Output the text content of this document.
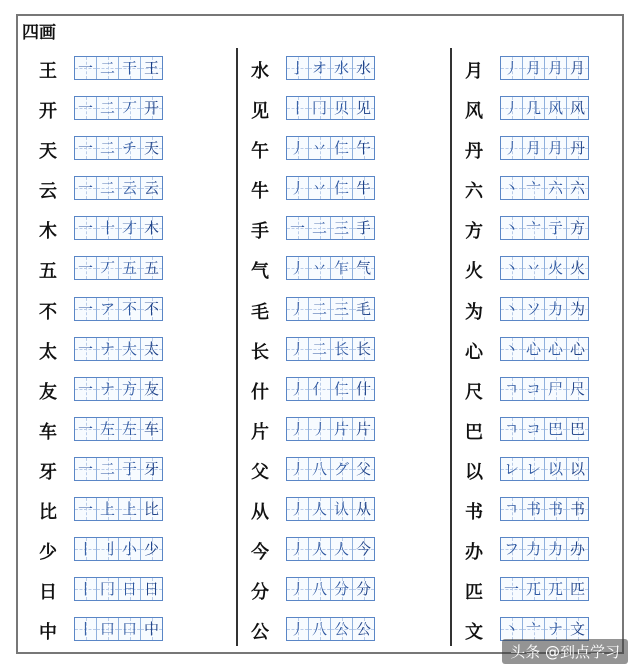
四画
王 一 二 干 王
开 一 二 丆 开
天 一 二 チ 天
云 一 二 云 云
木 一 十 才 木
五 一 丆 五 五
不 一 ア 不 不
太 一 ナ 大 太
友 一 ナ 方 友
车 一 左 左 车
牙 一 二 于 牙
比 一 上 上 比
少 丨 刂 小 少
日 丨 冂 日 日
中 丨 口 口 中
水 亅 オ 水 水
见 丨 冂 贝 见
午 丿 丷 仁 午
牛 丿 丷 仁 牛
手 一 二 三 手
气 丿 丷 乍 气
毛 丿 二 三 毛
长 丿 二 长 长
什 丿 亻 仁 什
片 丿 丿 片 片
父 丿 八 グ 父
从 丿 人 认 从
今 丿 人 人 今
分 丿 八 分 分
公 丿 八 公 公
月 丿 月 月 月
风 丿 几 风 风
丹 丿 月 月 丹
六 丶 亠 六 六
方 丶 亠 亍 方
火 丶 丷 火 火
为 丶 ソ 力 为
心 丶 心 心 心
尺 ㄱ コ 尸 尺
巴 ㄱ コ 巴 巴
以 レ レ 以 以
书 ㄱ 书 书 书
办 フ 力 力 办
匹 一 兀 兀 匹
文 丶 亠 ナ 文
头条 @到点学习
